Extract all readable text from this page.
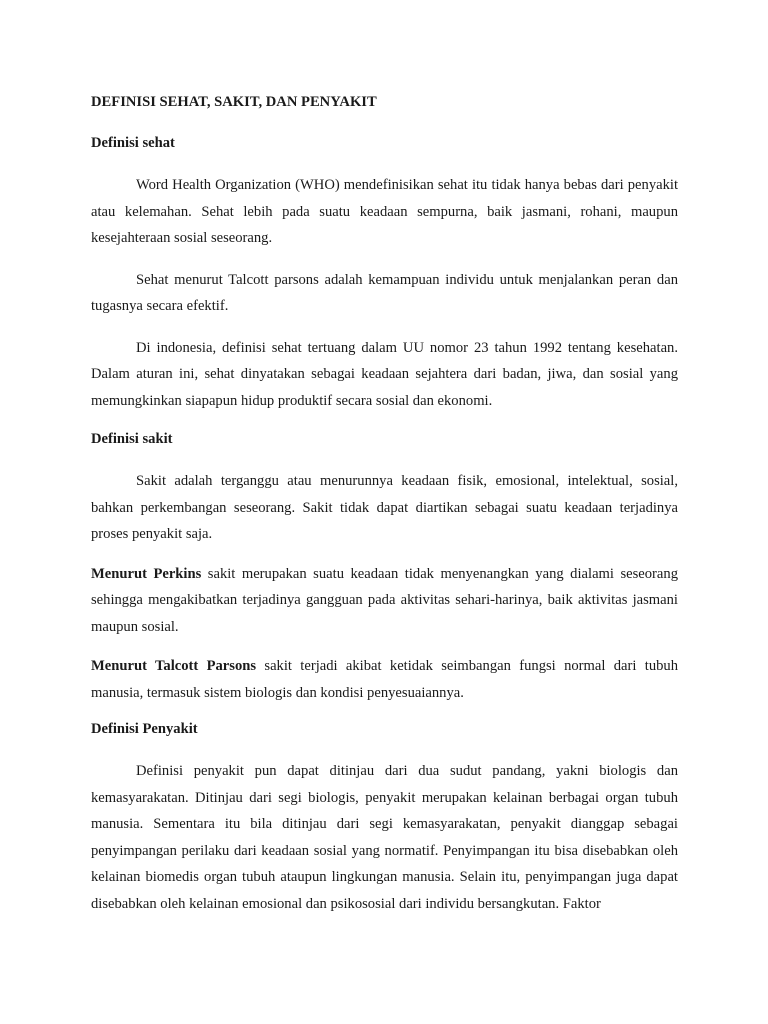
DEFINISI SEHAT, SAKIT, DAN PENYAKIT
Definisi sehat

Word Health Organization (WHO) mendefinisikan sehat itu tidak hanya bebas dari penyakit atau kelemahan. Sehat lebih pada suatu keadaan sempurna, baik jasmani, rohani, maupun kesejahteraan sosial seseorang.

Sehat menurut Talcott parsons adalah kemampuan individu untuk menjalankan peran dan tugasnya secara efektif.

Di indonesia, definisi sehat tertuang dalam UU nomor 23 tahun 1992 tentang kesehatan. Dalam aturan ini, sehat dinyatakan sebagai keadaan sejahtera dari badan, jiwa, dan sosial yang memungkinkan siapapun hidup produktif secara sosial dan ekonomi.

Definisi sakit

Sakit adalah terganggu atau menurunnya keadaan fisik, emosional, intelektual, sosial, bahkan perkembangan seseorang. Sakit tidak dapat diartikan sebagai suatu keadaan terjadinya proses penyakit saja.

Menurut Perkins sakit merupakan suatu keadaan tidak menyenangkan yang dialami seseorang sehingga mengakibatkan terjadinya gangguan pada aktivitas sehari-harinya, baik aktivitas jasmani maupun sosial.

Menurut Talcott Parsons sakit terjadi akibat ketidak seimbangan fungsi normal dari tubuh manusia, termasuk sistem biologis dan kondisi penyesuaiannya.

Definisi Penyakit

Definisi penyakit pun dapat ditinjau dari dua sudut pandang, yakni biologis dan kemasyarakatan. Ditinjau dari segi biologis, penyakit merupakan kelainan berbagai organ tubuh manusia. Sementara itu bila ditinjau dari segi kemasyarakatan, penyakit dianggap sebagai penyimpangan perilaku dari keadaan sosial yang normatif. Penyimpangan itu bisa disebabkan oleh kelainan biomedis organ tubuh ataupun lingkungan manusia. Selain itu, penyimpangan juga dapat disebabkan oleh kelainan emosional dan psikososial dari individu bersangkutan. Faktor
